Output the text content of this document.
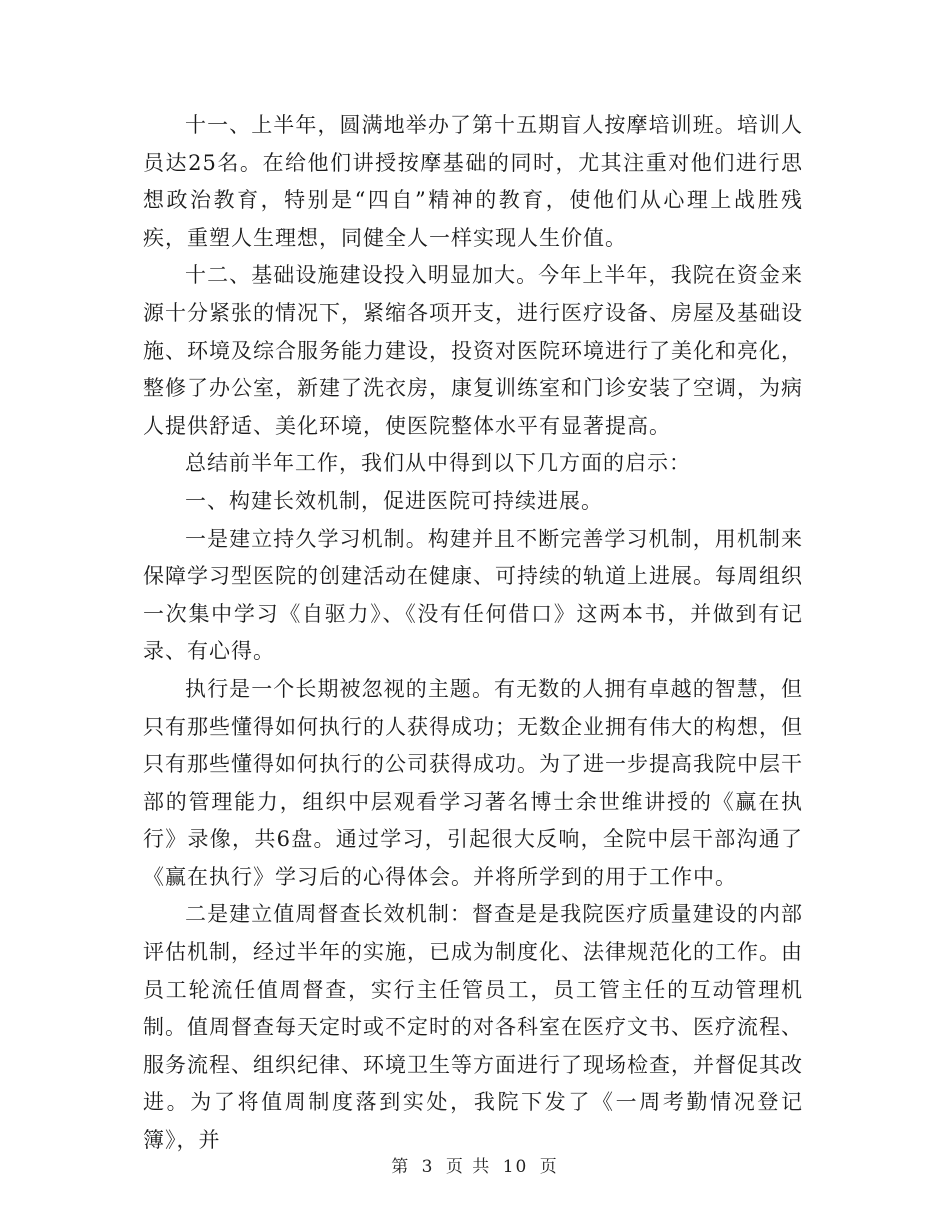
十一、上半年，圆满地举办了第十五期盲人按摩培训班。培训人员达25名。在给他们讲授按摩基础的同时，尤其注重对他们进行思想政治教育，特别是“四自”精神的教育，使他们从心理上战胜残疾，重塑人生理想，同健全人一样实现人生价值。

十二、基础设施建设投入明显加大。今年上半年，我院在资金来源十分紧张的情况下，紧缩各项开支，进行医疗设备、房屋及基础设施、环境及综合服务能力建设，投资对医院环境进行了美化和亮化，整修了办公室，新建了洗衣房，康复训练室和门诊安装了空调，为病人提供舒适、美化环境，使医院整体水平有显著提高。

总结前半年工作，我们从中得到以下几方面的启示：

一、构建长效机制，促进医院可持续进展。

一是建立持久学习机制。构建并且不断完善学习机制，用机制来保障学习型医院的创建活动在健康、可持续的轨道上进展。每周组织一次集中学习《自驱力》、《没有任何借口》这两本书，并做到有记录、有心得。

执行是一个长期被忽视的主题。有无数的人拥有卓越的智慧，但只有那些懂得如何执行的人获得成功；无数企业拥有伟大的构想，但只有那些懂得如何执行的公司获得成功。为了进一步提高我院中层干部的管理能力，组织中层观看学习著名博士余世维讲授的《赢在执行》录像，共6盘。通过学习，引起很大反响，全院中层干部沟通了《赢在执行》学习后的心得体会。并将所学到的用于工作中。

二是建立值周督查长效机制：督查是是我院医疗质量建设的内部评估机制，经过半年的实施，已成为制度化、法律规范化的工作。由员工轮流任值周督查，实行主任管员工，员工管主任的互动管理机制。值周督查每天定时或不定时的对各科室在医疗文书、医疗流程、服务流程、组织纪律、环境卫生等方面进行了现场检查，并督促其改进。为了将值周制度落到实处，我院下发了《一周考勤情况登记簿》，并

第 3 页 共 10 页
